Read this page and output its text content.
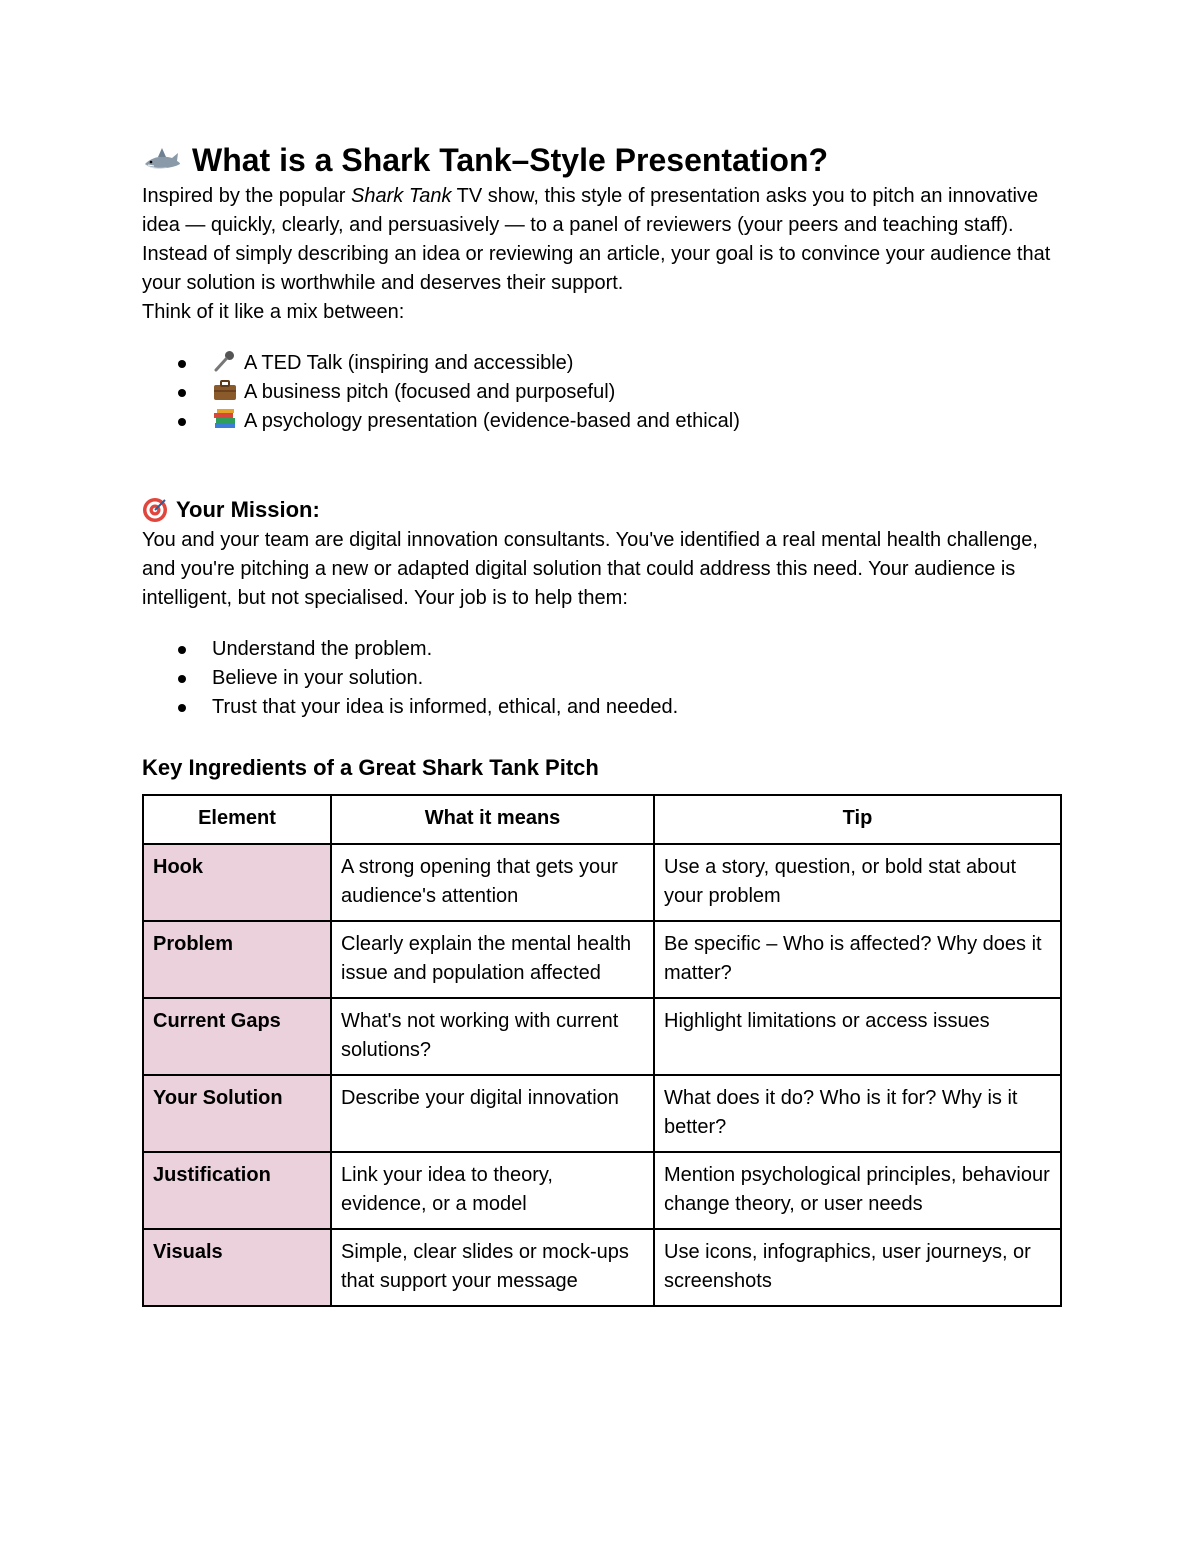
What is a Shark Tank–Style Presentation?

Inspired by the popular Shark Tank TV show, this style of presentation asks you to pitch an innovative idea — quickly, clearly, and persuasively — to a panel of reviewers (your peers and teaching staff). Instead of simply describing an idea or reviewing an article, your goal is to convince your audience that your solution is worthwhile and deserves their support.

Think of it like a mix between:

A TED Talk (inspiring and accessible)
A business pitch (focused and purposeful)
A psychology presentation (evidence-based and ethical)
Your Mission:

You and your team are digital innovation consultants. You've identified a real mental health challenge, and you're pitching a new or adapted digital solution that could address this need. Your audience is intelligent, but not specialised. Your job is to help them:

Understand the problem.
Believe in your solution.
Trust that your idea is informed, ethical, and needed.
Key Ingredients of a Great Shark Tank Pitch
Element	What it means	Tip
Hook	A strong opening that gets your audience's attention	Use a story, question, or bold stat about your problem
Problem	Clearly explain the mental health issue and population affected	Be specific – Who is affected? Why does it matter?
Current Gaps	What's not working with current solutions?	Highlight limitations or access issues
Your Solution	Describe your digital innovation	What does it do? Who is it for? Why is it better?
Justification	Link your idea to theory, evidence, or a model	Mention psychological principles, behaviour change theory, or user needs
Visuals	Simple, clear slides or mock-ups that support your message	Use icons, infographics, user journeys, or screenshots
